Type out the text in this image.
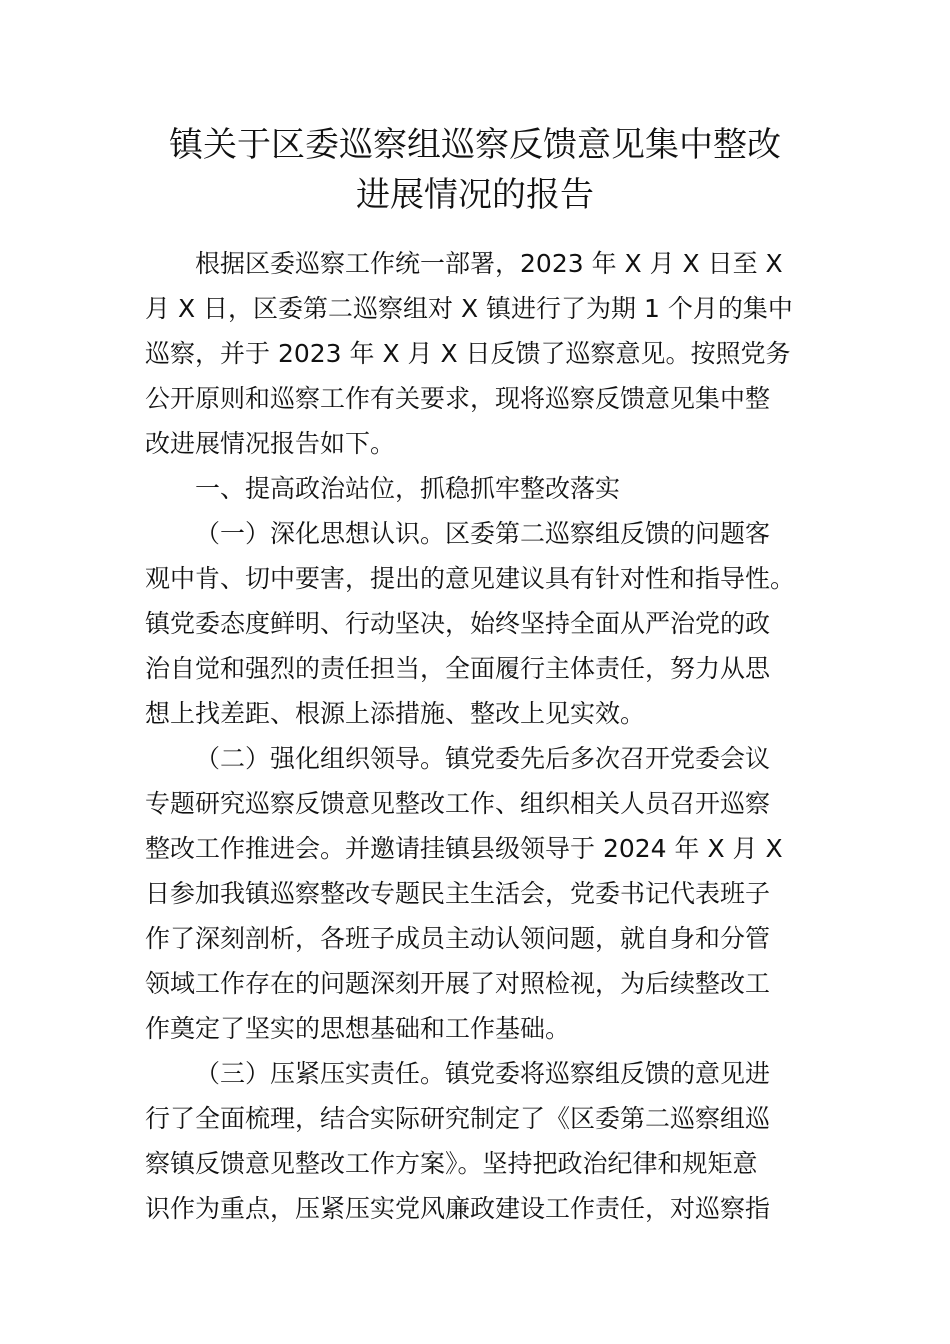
镇关于区委巡察组巡察反馈意见集中整改
进展情况的报告
根据区委巡察工作统一部署，2023 年 X 月 X 日至 X
月 X 日，区委第二巡察组对 X 镇进行了为期 1 个月的集中
巡察，并于 2023 年 X 月 X 日反馈了巡察意见。按照党务
公开原则和巡察工作有关要求，现将巡察反馈意见集中整
改进展情况报告如下。
一、提高政治站位，抓稳抓牢整改落实
（一）深化思想认识。区委第二巡察组反馈的问题客
观中肯、切中要害，提出的意见建议具有针对性和指导性。
镇党委态度鲜明、行动坚决，始终坚持全面从严治党的政
治自觉和强烈的责任担当，全面履行主体责任，努力从思
想上找差距、根源上添措施、整改上见实效。
（二）强化组织领导。镇党委先后多次召开党委会议
专题研究巡察反馈意见整改工作、组织相关人员召开巡察
整改工作推进会。并邀请挂镇县级领导于 2024 年 X 月 X
日参加我镇巡察整改专题民主生活会，党委书记代表班子
作了深刻剖析，各班子成员主动认领问题，就自身和分管
领域工作存在的问题深刻开展了对照检视，为后续整改工
作奠定了坚实的思想基础和工作基础。
（三）压紧压实责任。镇党委将巡察组反馈的意见进
行了全面梳理，结合实际研究制定了《区委第二巡察组巡
察镇反馈意见整改工作方案》。坚持把政治纪律和规矩意
识作为重点，压紧压实党风廉政建设工作责任，对巡察指
